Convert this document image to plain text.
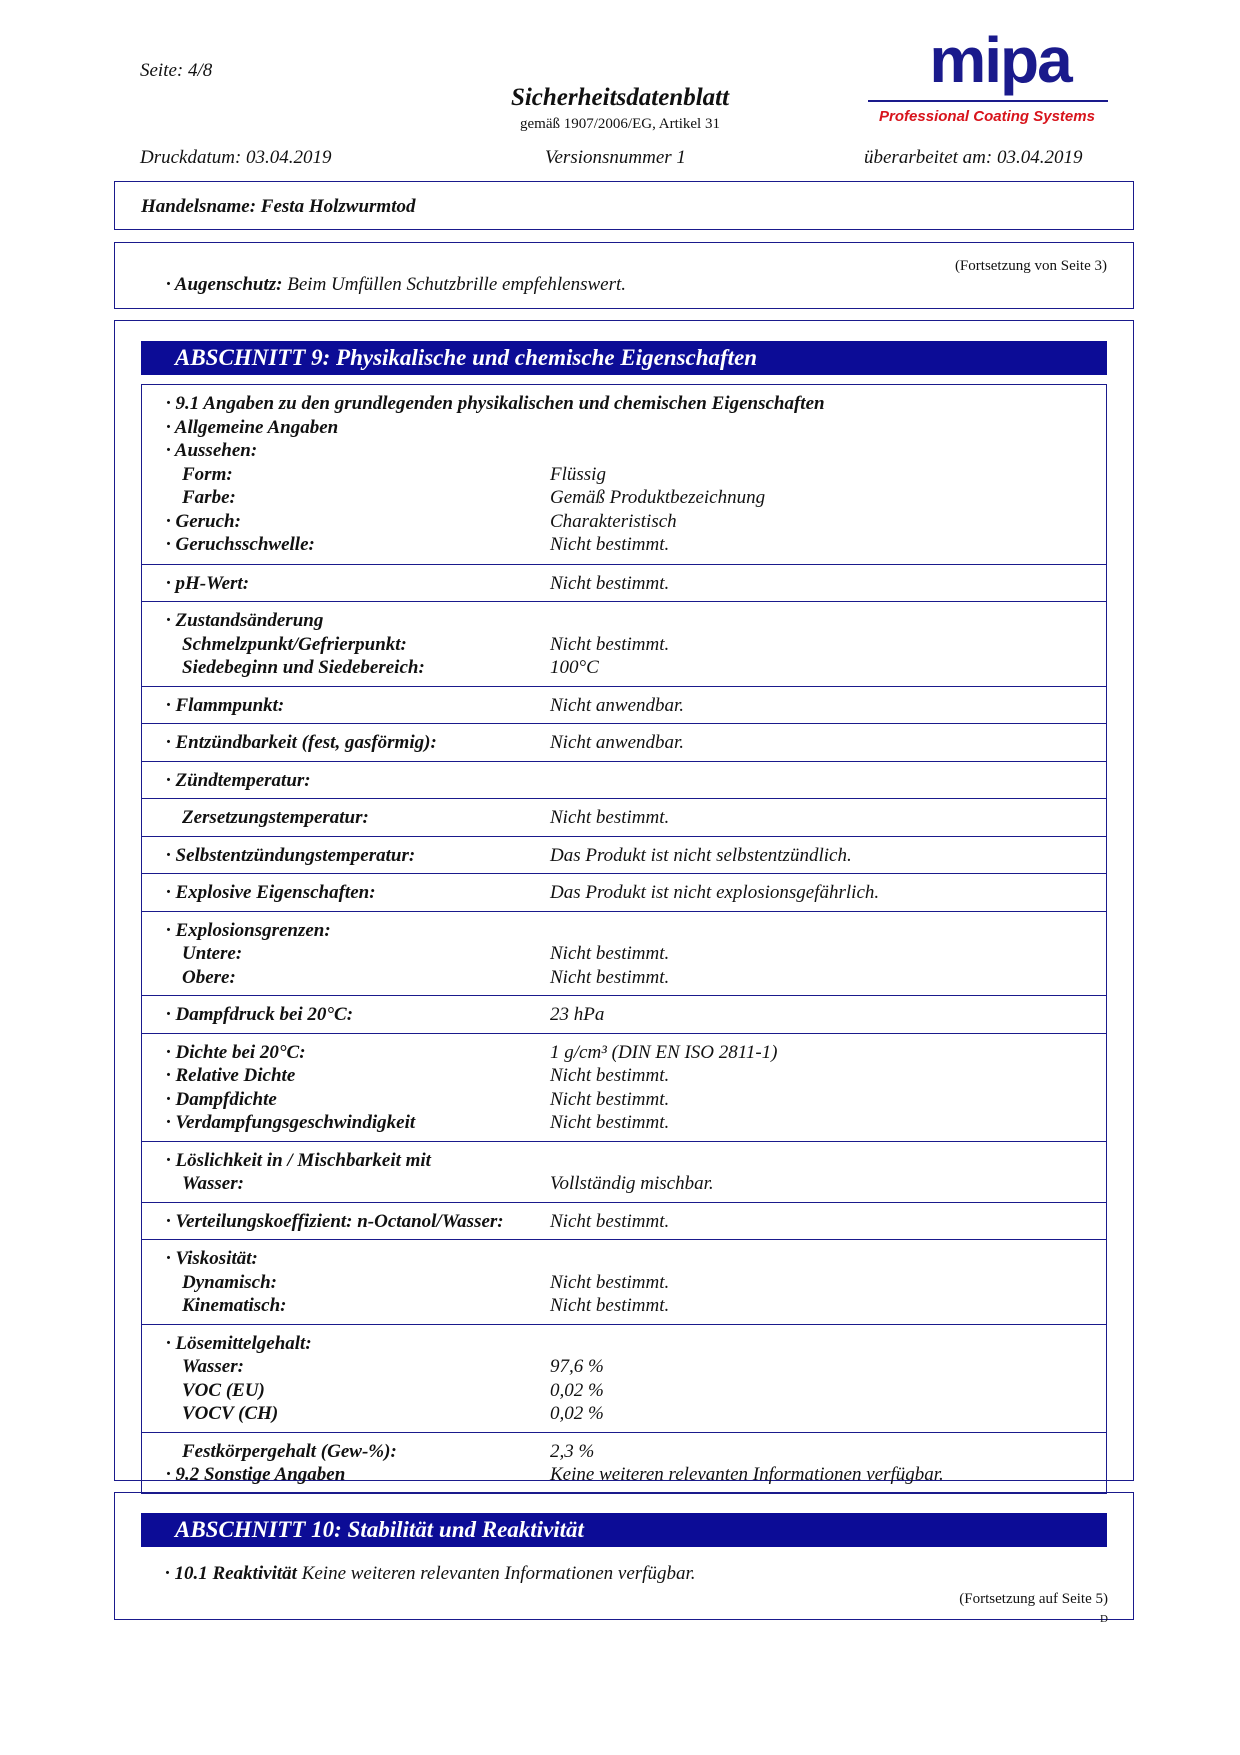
Seite: 4/8
Sicherheitsdatenblatt
gemäß 1907/2006/EG, Artikel 31
mipa
Professional Coating Systems
Druckdatum: 03.04.2019	Versionsnummer 1	überarbeitet am: 03.04.2019
Handelsname: Festa Holzwurmtod
(Fortsetzung von Seite 3)
· Augenschutz: Beim Umfüllen Schutzbrille empfehlenswert.
ABSCHNITT 9: Physikalische und chemische Eigenschaften
· 9.1 Angaben zu den grundlegenden physikalischen und chemischen Eigenschaften
· Allgemeine Angaben
· Aussehen:
Form:	Flüssig
Farbe:	Gemäß Produktbezeichnung
· Geruch:	Charakteristisch
· Geruchsschwelle:	Nicht bestimmt.
· pH-Wert:	Nicht bestimmt.
· Zustandsänderung
Schmelzpunkt/Gefrierpunkt:	Nicht bestimmt.
Siedebeginn und Siedebereich:	100°C
· Flammpunkt:	Nicht anwendbar.
· Entzündbarkeit (fest, gasförmig):	Nicht anwendbar.
· Zündtemperatur:
Zersetzungstemperatur:	Nicht bestimmt.
· Selbstentzündungstemperatur:	Das Produkt ist nicht selbstentzündlich.
· Explosive Eigenschaften:	Das Produkt ist nicht explosionsgefährlich.
· Explosionsgrenzen:
Untere:	Nicht bestimmt.
Obere:	Nicht bestimmt.
· Dampfdruck bei 20°C:	23 hPa
· Dichte bei 20°C:	1 g/cm³ (DIN EN ISO 2811-1)
· Relative Dichte	Nicht bestimmt.
· Dampfdichte	Nicht bestimmt.
· Verdampfungsgeschwindigkeit	Nicht bestimmt.
· Löslichkeit in / Mischbarkeit mit
Wasser:	Vollständig mischbar.
· Verteilungskoeffizient: n-Octanol/Wasser: Nicht bestimmt.
· Viskosität:
Dynamisch:	Nicht bestimmt.
Kinematisch:	Nicht bestimmt.
· Lösemittelgehalt:
Wasser:	97,6 %
VOC (EU)	0,02 %
VOCV (CH)	0,02 %
Festkörpergehalt (Gew-%):	2,3 %
· 9.2 Sonstige Angaben	Keine weiteren relevanten Informationen verfügbar.
ABSCHNITT 10: Stabilität und Reaktivität
· 10.1 Reaktivität Keine weiteren relevanten Informationen verfügbar.
(Fortsetzung auf Seite 5)
D
